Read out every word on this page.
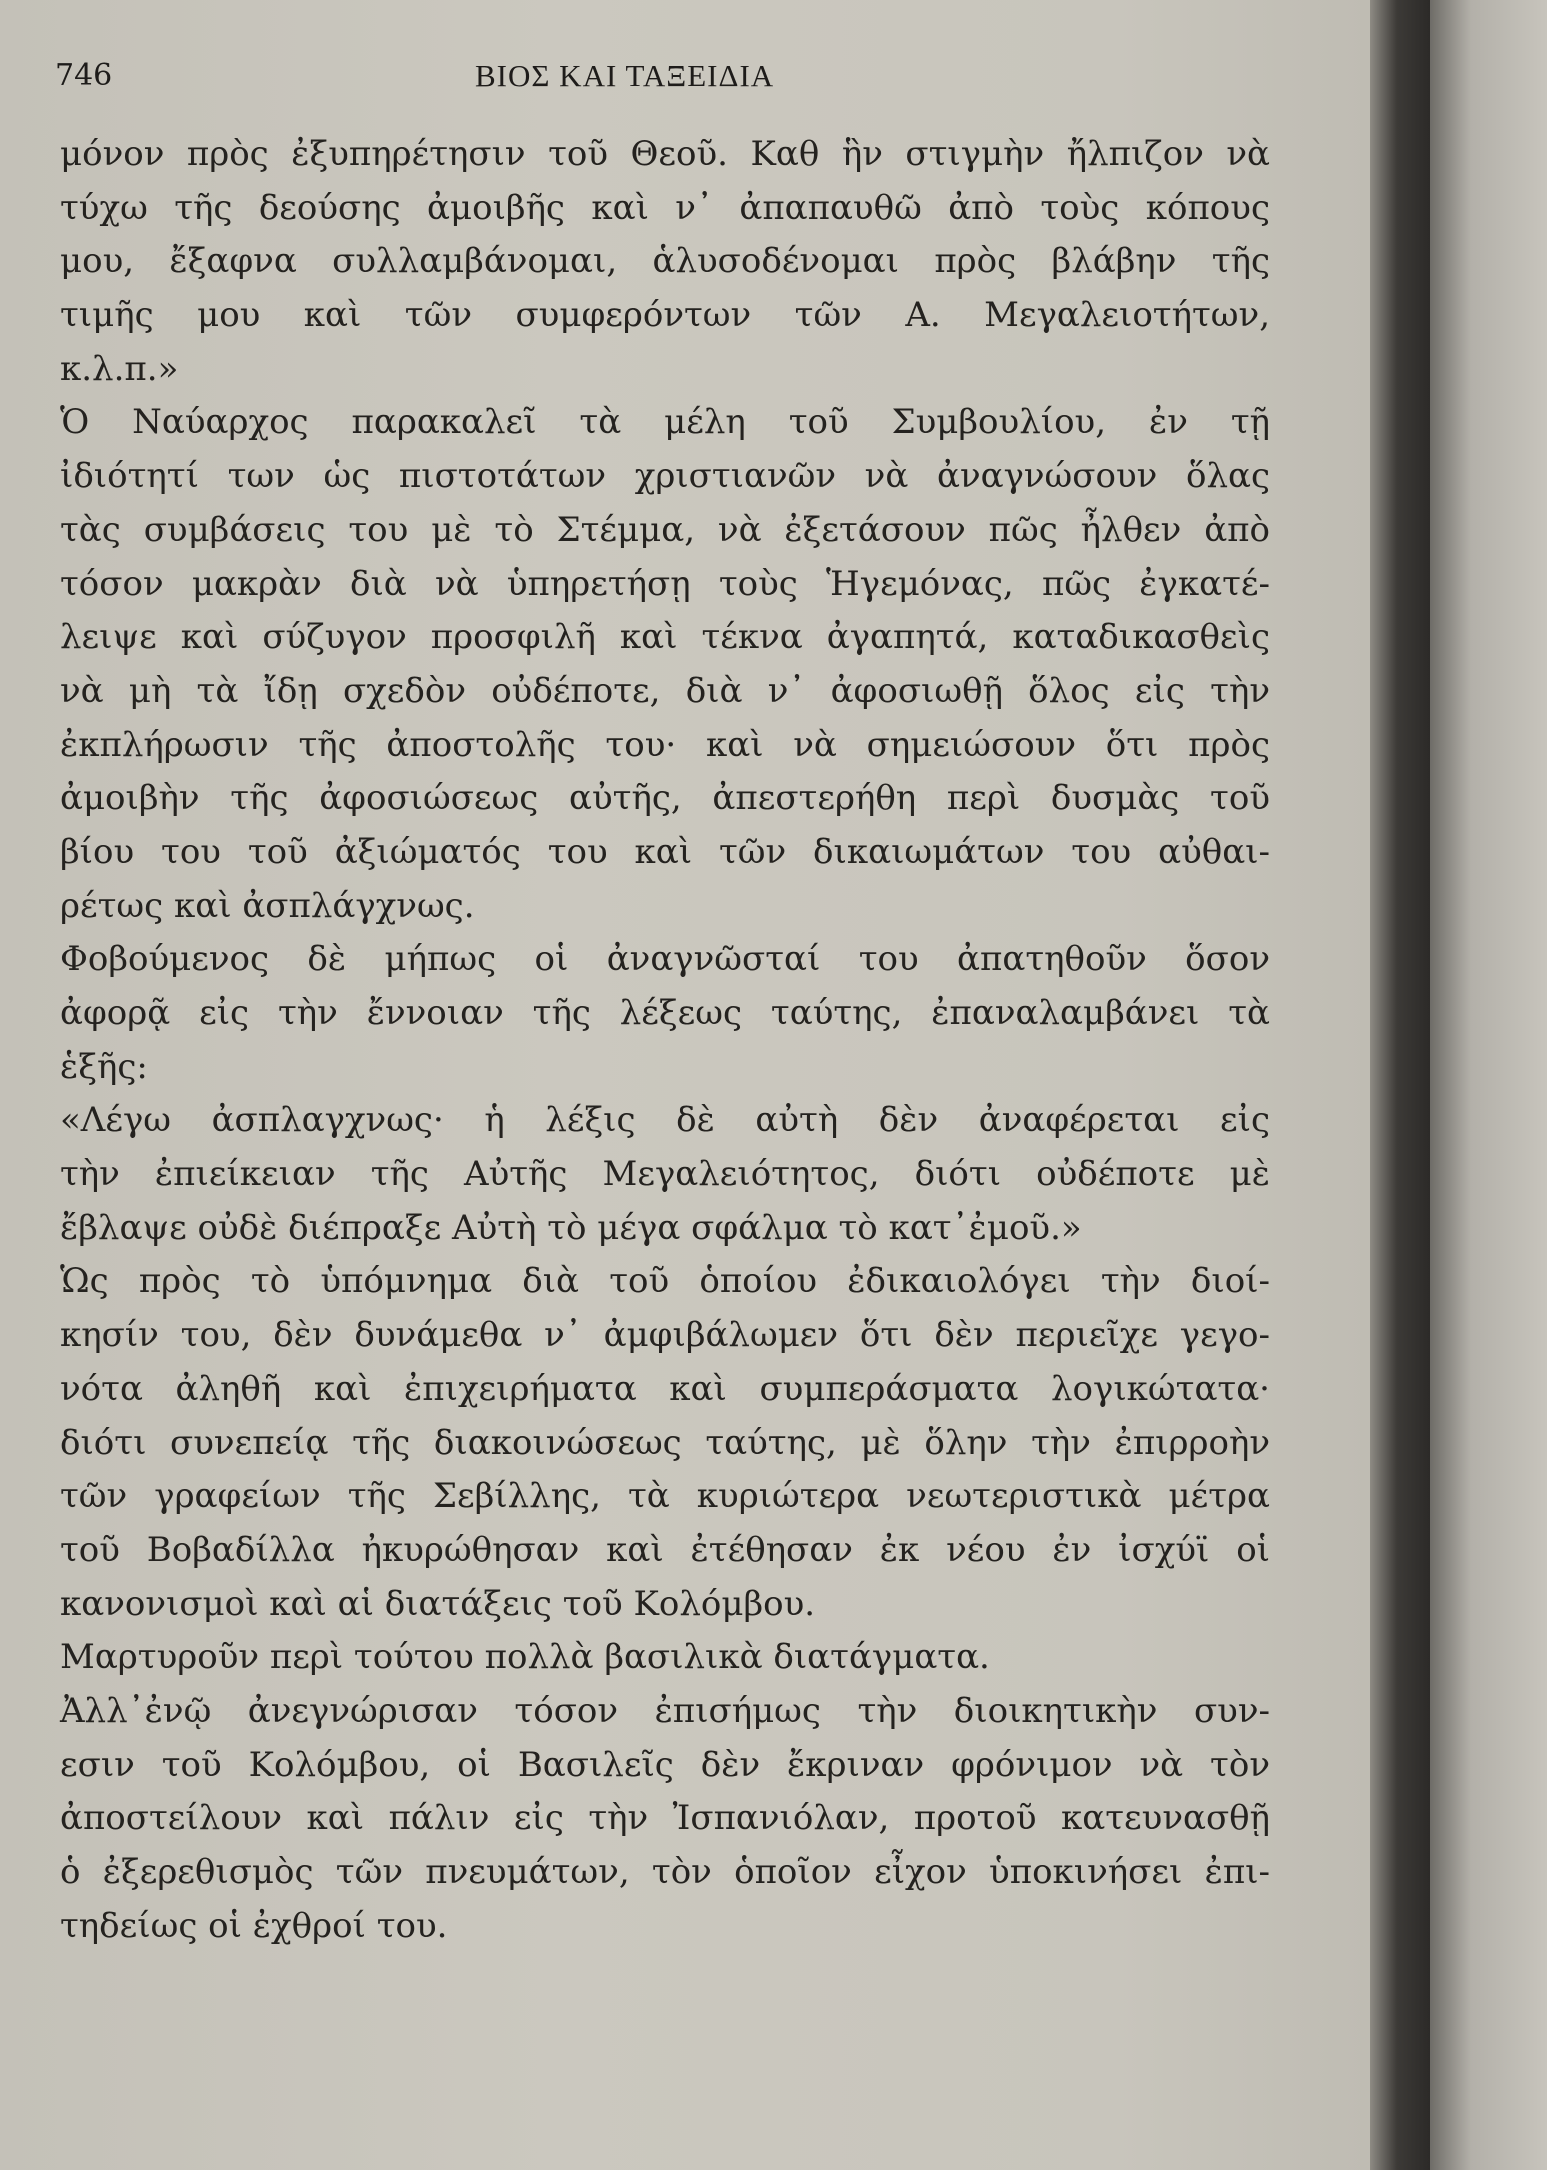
746	ΒΙΟΣ ΚΑΙ ΤΑΞΕΙΔΙΑ
μόνον πρὸς ἐξυπηρέτησιν τοῦ Θεοῦ. Καθ ἣν στιγμὴν ἤλπιζον νὰ
τύχω τῆς δεούσης ἀμοιβῆς καὶ ν᾽ ἀπαπαυθῶ ἀπὸ τοὺς κόπους
μου, ἔξαφνα συλλαμβάνομαι, ἁλυσοδένομαι πρὸς βλάβην τῆς
τιμῆς μου καὶ τῶν συμφερόντων τῶν Α. Μεγαλειοτήτων,
κ.λ.π.»
Ὁ Ναύαρχος παρακαλεῖ τὰ μέλη τοῦ Συμβουλίου, ἐν τῇ
ἰδιότητί των ὡς πιστοτάτων χριστιανῶν νὰ ἀναγνώσουν ὅλας
τὰς συμβάσεις του μὲ τὸ Στέμμα, νὰ ἐξετάσουν πῶς ἦλθεν ἀπὸ
τόσον μακρὰν διὰ νὰ ὑπηρετήσῃ τοὺς Ἡγεμόνας, πῶς ἐγκατέ-
λειψε καὶ σύζυγον προσφιλῆ καὶ τέκνα ἀγαπητά, καταδικασθεὶς
νὰ μὴ τὰ ἴδῃ σχεδὸν οὐδέποτε, διὰ ν᾽ ἀφοσιωθῇ ὅλος εἰς τὴν
ἐκπλήρωσιν τῆς ἀποστολῆς του· καὶ νὰ σημειώσουν ὅτι πρὸς
ἀμοιβὴν τῆς ἀφοσιώσεως αὐτῆς, ἀπεστερήθη περὶ δυσμὰς τοῦ
βίου του τοῦ ἀξιώματός του καὶ τῶν δικαιωμάτων του αὐθαι-
ρέτως καὶ ἀσπλάγχνως.
Φοβούμενος δὲ μήπως οἱ ἀναγνῶσταί του ἀπατηθοῦν ὅσον
ἀφορᾷ εἰς τὴν ἔννοιαν τῆς λέξεως ταύτης, ἐπαναλαμβάνει τὰ
ἑξῆς:
«Λέγω ἀσπλαγχνως· ἡ λέξις δὲ αὐτὴ δὲν ἀναφέρεται εἰς
τὴν ἐπιείκειαν τῆς Αὐτῆς Μεγαλειότητος, διότι οὐδέποτε μὲ
ἔβλαψε οὐδὲ διέπραξε Αὐτὴ τὸ μέγα σφάλμα τὸ κατ᾽ἐμοῦ.»
Ὡς πρὸς τὸ ὑπόμνημα διὰ τοῦ ὁποίου ἐδικαιολόγει τὴν διοί-
κησίν του, δὲν δυνάμεθα ν᾽ ἀμφιβάλωμεν ὅτι δὲν περιεῖχε γεγο-
νότα ἀληθῆ καὶ ἐπιχειρήματα καὶ συμπεράσματα λογικώτατα·
διότι συνεπείᾳ τῆς διακοινώσεως ταύτης, μὲ ὅλην τὴν ἐπιρροὴν
τῶν γραφείων τῆς Σεβίλλης, τὰ κυριώτερα νεωτεριστικὰ μέτρα
τοῦ Βοβαδίλλα ἠκυρώθησαν καὶ ἐτέθησαν ἐκ νέου ἐν ἰσχύϊ οἱ
κανονισμοὶ καὶ αἱ διατάξεις τοῦ Κολόμβου.
Μαρτυροῦν περὶ τούτου πολλὰ βασιλικὰ διατάγματα.
Ἀλλ᾽ἐνῷ ἀνεγνώρισαν τόσον ἐπισήμως τὴν διοικητικὴν συν-
εσιν τοῦ Κολόμβου, οἱ Βασιλεῖς δὲν ἔκριναν φρόνιμον νὰ τὸν
ἀποστείλουν καὶ πάλιν εἰς τὴν Ἰσπανιόλαν, προτοῦ κατευνασθῇ
ὁ ἐξερεθισμὸς τῶν πνευμάτων, τὸν ὁποῖον εἶχον ὑποκινήσει ἐπι-
τηδείως οἱ ἐχθροί του.
